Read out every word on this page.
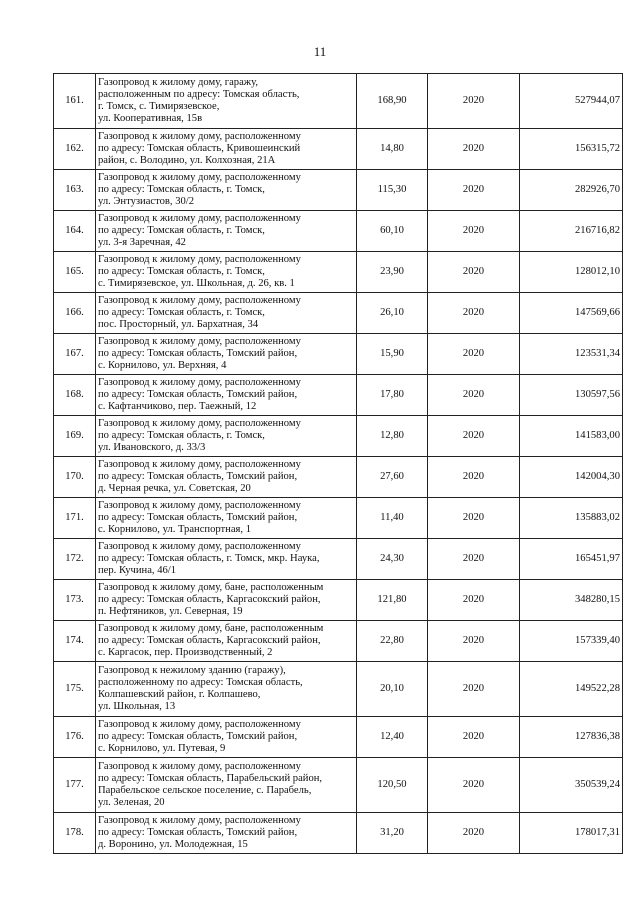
11
161.	Газопровод к жилому дому, гаражу,
расположенным по адресу: Томская область,
г. Томск, с. Тимирязевское,
ул. Кооперативная, 15в	168,90	2020	527944,07
162.	Газопровод к жилому дому, расположенному
по адресу: Томская область, Кривошеинский
район, с. Володино, ул. Колхозная, 21А	14,80	2020	156315,72
163.	Газопровод к жилому дому, расположенному
по адресу: Томская область, г. Томск,
ул. Энтузиастов, 30/2	115,30	2020	282926,70
164.	Газопровод к жилому дому, расположенному
по адресу: Томская область, г. Томск,
ул. 3-я Заречная, 42	60,10	2020	216716,82
165.	Газопровод к жилому дому, расположенному
по адресу: Томская область, г. Томск,
с. Тимирязевское, ул. Школьная, д. 26, кв. 1	23,90	2020	128012,10
166.	Газопровод к жилому дому, расположенному
по адресу: Томская область, г. Томск,
пос. Просторный, ул. Бархатная, 34	26,10	2020	147569,66
167.	Газопровод к жилому дому, расположенному
по адресу: Томская область, Томский район,
с. Корнилово, ул. Верхняя, 4	15,90	2020	123531,34
168.	Газопровод к жилому дому, расположенному
по адресу: Томская область, Томский район,
с. Кафтанчиково, пер. Таежный, 12	17,80	2020	130597,56
169.	Газопровод к жилому дому, расположенному
по адресу: Томская область, г. Томск,
ул. Ивановского, д. 33/3	12,80	2020	141583,00
170.	Газопровод к жилому дому, расположенному
по адресу: Томская область, Томский район,
д. Черная речка, ул. Советская, 20	27,60	2020	142004,30
171.	Газопровод к жилому дому, расположенному
по адресу: Томская область, Томский район,
с. Корнилово, ул. Транспортная, 1	11,40	2020	135883,02
172.	Газопровод к жилому дому, расположенному
по адресу: Томская область, г. Томск, мкр. Наука,
пер. Кучина, 46/1	24,30	2020	165451,97
173.	Газопровод к жилому дому, бане, расположенным
по адресу: Томская область, Каргасокский район,
п. Нефтяников, ул. Северная, 19	121,80	2020	348280,15
174.	Газопровод к жилому дому, бане, расположенным
по адресу: Томская область, Каргасокский район,
с. Каргасок, пер. Производственный, 2	22,80	2020	157339,40
175.	Газопровод к нежилому зданию (гаражу),
расположенному по адресу: Томская область,
Колпашевский район, г. Колпашево,
ул. Школьная, 13	20,10	2020	149522,28
176.	Газопровод к жилому дому, расположенному
по адресу: Томская область, Томский район,
с. Корнилово, ул. Путевая, 9	12,40	2020	127836,38
177.	Газопровод к жилому дому, расположенному
по адресу: Томская область, Парабельский район,
Парабельское сельское поселение, с. Парабель,
ул. Зеленая, 20	120,50	2020	350539,24
178.	Газопровод к жилому дому, расположенному
по адресу: Томская область, Томский район,
д. Воронино, ул. Молодежная, 15	31,20	2020	178017,31
